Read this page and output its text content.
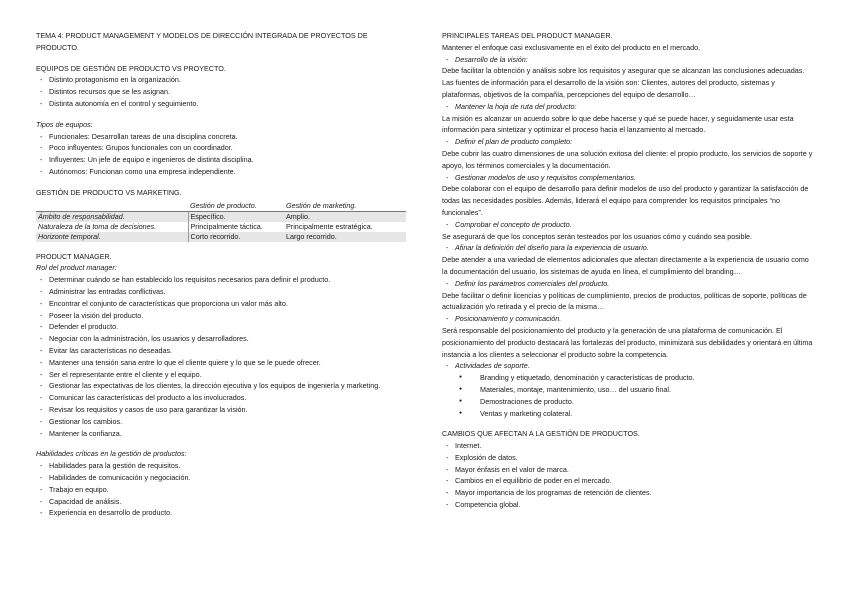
TEMA 4: PRODUCT MANAGEMENT Y MODELOS DE DIRECCIÓN INTEGRADA DE PROYECTOS DE PRODUCTO.

EQUIPOS DE GESTIÓN DE PRODUCTO VS PROYECTO.
- Distinto protagonismo en la organización.
- Distintos recursos que se les asignan.
- Distinta autonomía en el control y seguimiento.
Tipos de equipos:
- Funcionales: Desarrollan tareas de una disciplina concreta.
- Poco influyentes: Grupos funcionales con un coordinador.
- Influyentes: Un jefe de equipo e ingenieros de distinta disciplina.
- Autónomos: Funcionan como una empresa independiente.
GESTIÓN DE PRODUCTO VS MARKETING.
	Gestión de producto.	Gestión de marketing.
Ámbito de responsabilidad.	Específico.	Amplio.
Naturaleza de la toma de decisiones.	Principalmente táctica.	Principalmente estratégica.
Horizonte temporal.	Corto recorrido.	Largo recorrido.
PRODUCT MANAGER.
Rol del product manager:
- Determinar cuándo se han establecido los requisitos necesarios para definir el producto.
- Administrar las entradas conflictivas.
- Encontrar el conjunto de características que proporciona un valor más alto.
- Poseer la visión del producto.
- Defender el producto.
- Negociar con la administración, los usuarios y desarrolladores.
- Evitar las características no deseadas.
- Mantener una tensión sana entre lo que el cliente quiere y lo que se le puede ofrecer.
- Ser el representante entre el cliente y el equipo.
- Gestionar las expectativas de los clientes, la dirección ejecutiva y los equipos de ingeniería y marketing.
- Comunicar las características del producto a los involucrados.
- Revisar los requisitos y casos de uso para garantizar la visión.
- Gestionar los cambios.
- Mantener la confianza.
Habilidades críticas en la gestión de productos:
- Habilidades para la gestión de requisitos.
- Habilidades de comunicación y negociación.
- Trabajo en equipo.
- Capacidad de análisis.
- Experiencia en desarrollo de producto.
PRINCIPALES TAREAS DEL PRODUCT MANAGER.
Mantener el enfoque casi exclusivamente en el éxito del producto en el mercado.
- Desarrollo de la visión:
Debe facilitar la obtención y análisis sobre los requisitos y asegurar que se alcanzan las conclusiones adecuadas. Las fuentes de información para el desarrollo de la visión son: Clientes, autores del producto, sistemas y plataformas, objetivos de la compañía, percepciones del equipo de desarrollo…
- Mantener la hoja de ruta del producto:
La misión es alcanzar un acuerdo sobre lo que debe hacerse y qué se puede hacer, y seguidamente usar esta información para sintetizar y optimizar el proceso hacia el lanzamiento al mercado.
- Definir el plan de producto completo:
Debe cubrir las cuatro dimensiones de una solución exitosa del cliente: el propio producto, los servicios de soporte y apoyo, los términos comerciales y la documentación.
- Gestionar modelos de uso y requisitos complementarios.
Debe colaborar con el equipo de desarrollo para definir modelos de uso del producto y garantizar la satisfacción de todas las necesidades posibles. Además, liderará el equipo para comprender los requisitos principales “no funcionales”.
- Comprobar el concepto de producto.
Se asegurará de que los conceptos serán testeados por los usuarios cómo y cuándo sea posible.
- Afinar la definición del diseño para la experiencia de usuario.
Debe atender a una variedad de elementos adicionales que afectan directamente a la experiencia de usuario como la documentación del usuario, los sistemas de ayuda en línea, el cumplimiento del branding…
- Definir los parámetros comerciales del producto.
Debe facilitar o definir licencias y políticas de cumplimiento, precios de productos, políticas de soporte, políticas de actualización y/o retirada y el precio de la misma…
- Posicionamiento y comunicación.
Será responsable del posicionamiento del producto y la generación de una plataforma de comunicación. El posicionamiento del producto destacará las fortalezas del producto, minimizará sus debilidades y orientará en última instancia a los clientes a seleccionar el producto sobre la competencia.
- Actividades de soporte.
● Branding y etiquetado, denominación y características de producto.
● Materiales, montaje, mantenimiento, uso… del usuario final.
● Demostraciones de producto.
● Ventas y marketing colateral.
CAMBIOS QUE AFECTAN A LA GESTIÓN DE PRODUCTOS.
- Internet.
- Explosión de datos.
- Mayor énfasis en el valor de marca.
- Cambios en el equilibrio de poder en el mercado.
- Mayor importancia de los programas de retención de clientes.
- Competencia global.
